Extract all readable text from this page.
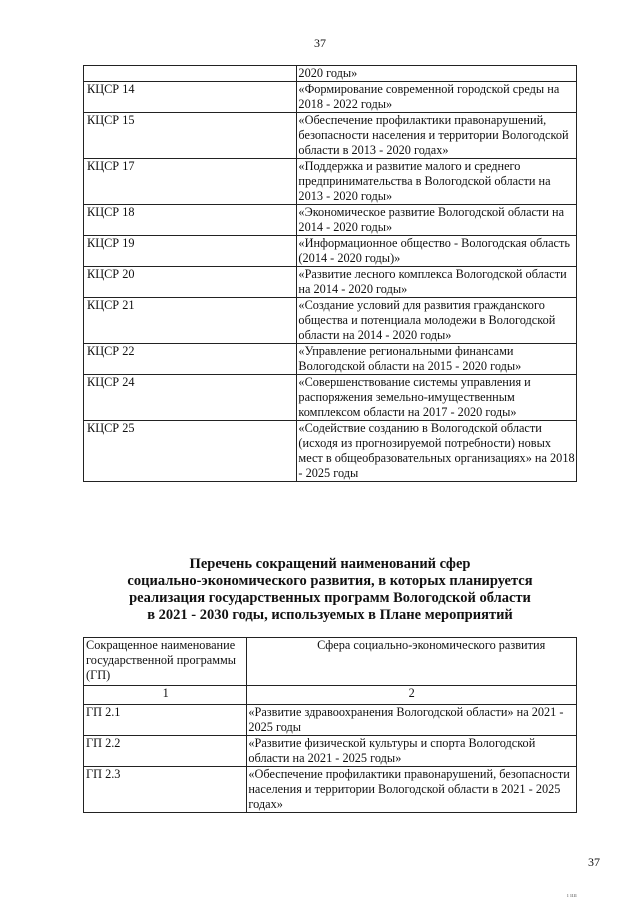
37
	2020 годы»
КЦСР 14	«Формирование современной городской среды на 2018 - 2022 годы»
КЦСР 15	«Обеспечение профилактики правонарушений, безопасности населения и территории Вологодской области в 2013 - 2020 годах»
КЦСР 17	«Поддержка и развитие малого и среднего предпринимательства в Вологодской области на 2013 - 2020 годы»
КЦСР 18	«Экономическое развитие Вологодской области на 2014 - 2020 годы»
КЦСР 19	«Информационное общество - Вологодская область (2014 - 2020 годы)»
КЦСР 20	«Развитие лесного комплекса Вологодской области на 2014 - 2020 годы»
КЦСР 21	«Создание условий для развития гражданского общества и потенциала молодежи в Вологодской области на 2014 - 2020 годы»
КЦСР 22	«Управление региональными финансами Вологодской области на 2015 - 2020 годы»
КЦСР 24	«Совершенствование системы управления и распоряжения земельно-имущественным комплексом области на 2017 - 2020 годы»
КЦСР 25	«Содействие созданию в Вологодской области (исходя из прогнозируемой потребности) новых мест в общеобразовательных организациях» на 2018 - 2025 годы
Перечень сокращений наименований сфер
социально-экономического развития, в которых планируется
реализация государственных программ Вологодской области
в 2021 - 2030 годы, используемых в Плане мероприятий
Сокращенное наименование государственной программы (ГП)	Сфера социально-экономического развития
1	2
ГП 2.1	«Развитие здравоохранения Вологодской области» на 2021 - 2025 годы
ГП 2.2	«Развитие физической культуры и спорта Вологодской области на 2021 - 2025 годы»
ГП 2.3	«Обеспечение профилактики правонарушений, безопасности населения и территории Вологодской области в 2021 - 2025 годах»
37
ı ıııı
